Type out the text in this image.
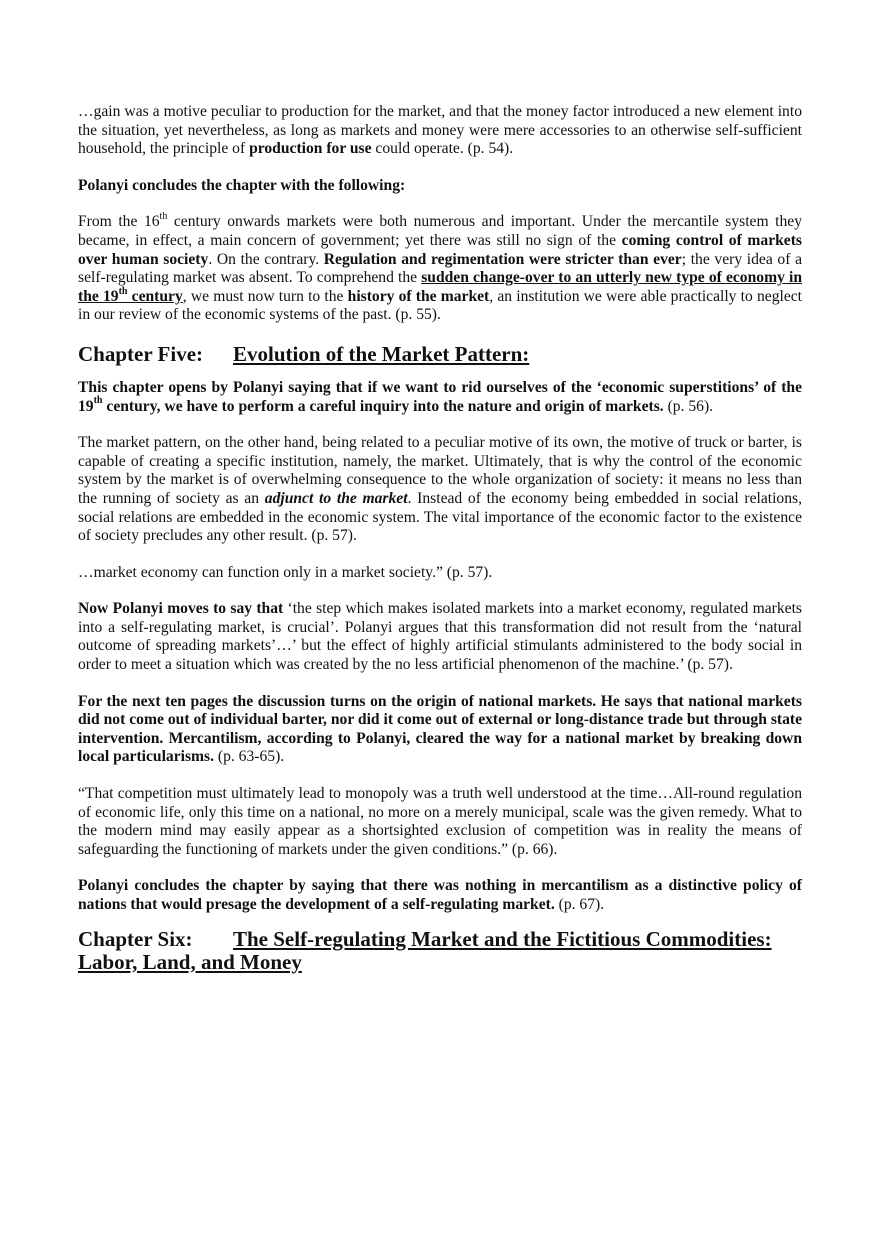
…gain was a motive peculiar to production for the market, and that the money factor introduced a new element into the situation, yet nevertheless, as long as markets and money were mere accessories to an otherwise self-sufficient household, the principle of production for use could operate. (p. 54).

Polanyi concludes the chapter with the following:

From the 16th century onwards markets were both numerous and important. Under the mercantile system they became, in effect, a main concern of government; yet there was still no sign of the coming control of markets over human society. On the contrary. Regulation and regimentation were stricter than ever; the very idea of a self-regulating market was absent. To comprehend the sudden change-over to an utterly new type of economy in the 19th century, we must now turn to the history of the market, an institution we were able practically to neglect in our review of the economic systems of the past. (p. 55).

Chapter Five: Evolution of the Market Pattern:

This chapter opens by Polanyi saying that if we want to rid ourselves of the ‘economic superstitions’ of the 19th century, we have to perform a careful inquiry into the nature and origin of markets. (p. 56).

The market pattern, on the other hand, being related to a peculiar motive of its own, the motive of truck or barter, is capable of creating a specific institution, namely, the market. Ultimately, that is why the control of the economic system by the market is of overwhelming consequence to the whole organization of society: it means no less than the running of society as an adjunct to the market. Instead of the economy being embedded in social relations, social relations are embedded in the economic system. The vital importance of the economic factor to the existence of society precludes any other result. (p. 57).

…market economy can function only in a market society.” (p. 57).

Now Polanyi moves to say that ‘the step which makes isolated markets into a market economy, regulated markets into a self-regulating market, is crucial’. Polanyi argues that this transformation did not result from the ‘natural outcome of spreading markets’…’ but the effect of highly artificial stimulants administered to the body social in order to meet a situation which was created by the no less artificial phenomenon of the machine.’ (p. 57).

For the next ten pages the discussion turns on the origin of national markets. He says that national markets did not come out of individual barter, nor did it come out of external or long-distance trade but through state intervention. Mercantilism, according to Polanyi, cleared the way for a national market by breaking down local particularisms. (p. 63-65).

“That competition must ultimately lead to monopoly was a truth well understood at the time…All-round regulation of economic life, only this time on a national, no more on a merely municipal, scale was the given remedy. What to the modern mind may easily appear as a shortsighted exclusion of competition was in reality the means of safeguarding the functioning of markets under the given conditions.” (p. 66).

Polanyi concludes the chapter by saying that there was nothing in mercantilism as a distinctive policy of nations that would presage the development of a self-regulating market. (p. 67).

Chapter Six: The Self-regulating Market and the Fictitious Commodities:
Labor, Land, and Money
